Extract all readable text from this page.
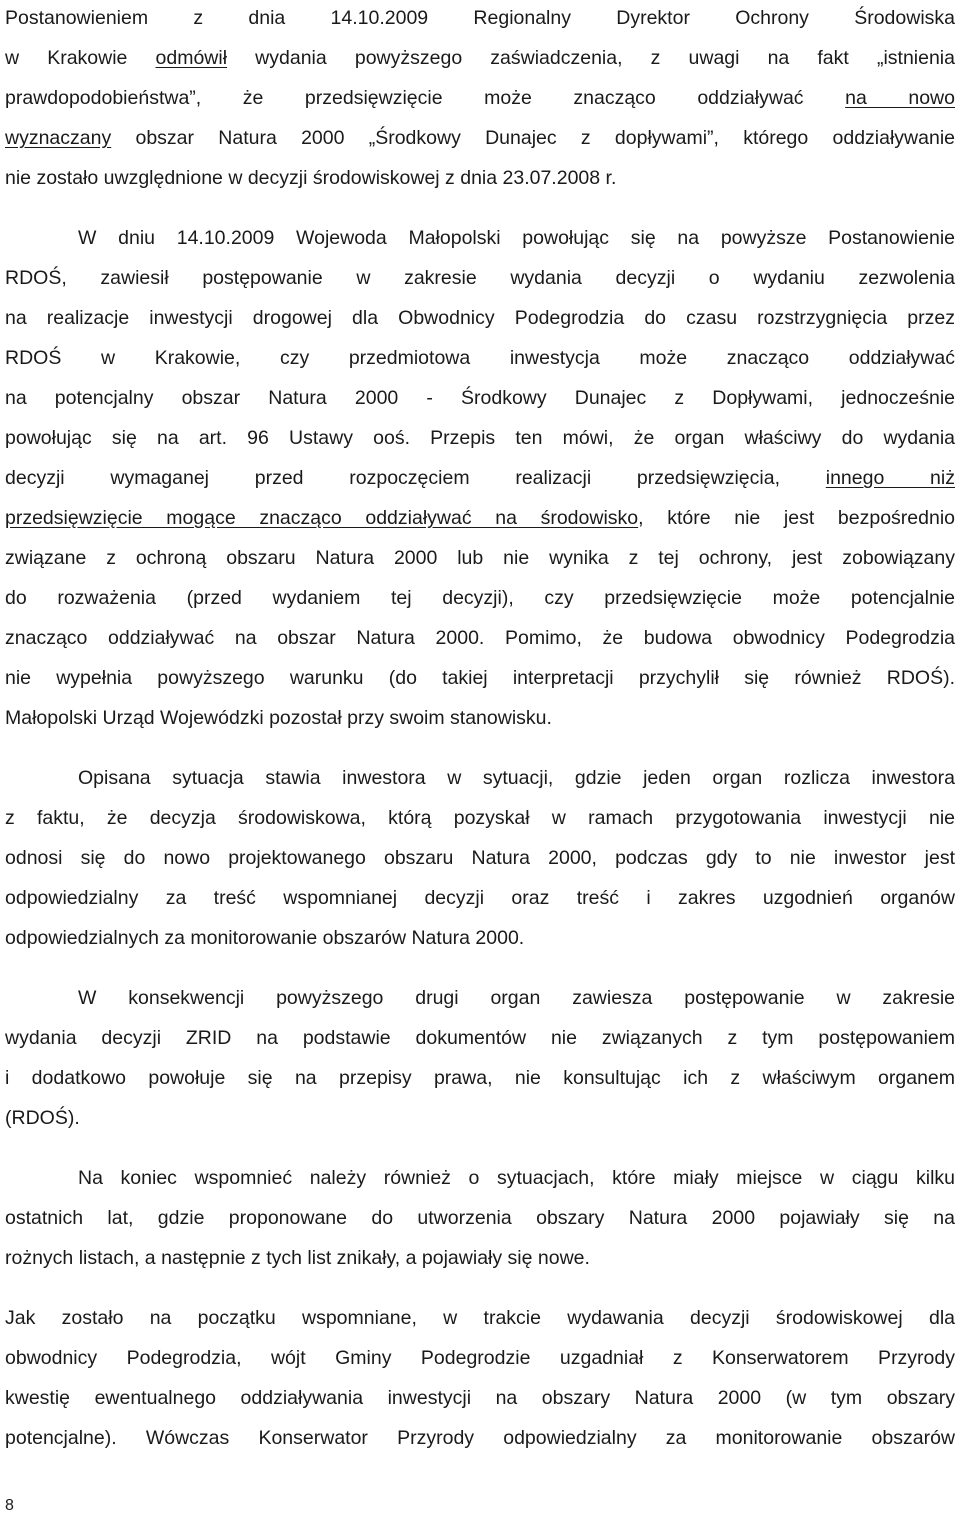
Postanowieniem z dnia 14.10.2009 Regionalny Dyrektor Ochrony Środowiska
w Krakowie odmówił wydania powyższego zaświadczenia, z uwagi na fakt „istnienia
prawdopodobieństwa”, że przedsięwzięcie może znacząco oddziaływać na nowo
wyznaczany obszar Natura 2000 „Środkowy Dunajec z dopływami”, którego oddziaływanie
nie zostało uwzględnione w decyzji środowiskowej z dnia 23.07.2008 r.
W dniu 14.10.2009 Wojewoda Małopolski powołując się na powyższe Postanowienie
RDOŚ, zawiesił postępowanie w zakresie wydania decyzji o wydaniu zezwolenia
na realizacje inwestycji drogowej dla Obwodnicy Podegrodzia do czasu rozstrzygnięcia przez
RDOŚ w Krakowie, czy przedmiotowa inwestycja może znacząco oddziaływać
na potencjalny obszar Natura 2000 - Środkowy Dunajec z Dopływami, jednocześnie
powołując się na art. 96 Ustawy ooś. Przepis ten mówi, że organ właściwy do wydania
decyzji wymaganej przed rozpoczęciem realizacji przedsięwzięcia, innego niż
przedsięwzięcie mogące znacząco oddziaływać na środowisko, które nie jest bezpośrednio
związane z ochroną obszaru Natura 2000 lub nie wynika z tej ochrony, jest zobowiązany
do rozważenia (przed wydaniem tej decyzji), czy przedsięwzięcie może potencjalnie
znacząco oddziaływać na obszar Natura 2000. Pomimo, że budowa obwodnicy Podegrodzia
nie wypełnia powyższego warunku (do takiej interpretacji przychylił się również RDOŚ).
Małopolski Urząd Wojewódzki pozostał przy swoim stanowisku.
Opisana sytuacja stawia inwestora w sytuacji, gdzie jeden organ rozlicza inwestora
z faktu, że decyzja środowiskowa, którą pozyskał w ramach przygotowania inwestycji nie
odnosi się do nowo projektowanego obszaru Natura 2000, podczas gdy to nie inwestor jest
odpowiedzialny za treść wspomnianej decyzji oraz treść i zakres uzgodnień organów
odpowiedzialnych za monitorowanie obszarów Natura 2000.
W konsekwencji powyższego drugi organ zawiesza postępowanie w zakresie
wydania decyzji ZRID na podstawie dokumentów nie związanych z tym postępowaniem
i dodatkowo powołuje się na przepisy prawa, nie konsultując ich z właściwym organem
(RDOŚ).
Na koniec wspomnieć należy również o sytuacjach, które miały miejsce w ciągu kilku
ostatnich lat, gdzie proponowane do utworzenia obszary Natura 2000 pojawiały się na
rożnych listach, a następnie z tych list znikały, a pojawiały się nowe.
Jak zostało na początku wspomniane, w trakcie wydawania decyzji środowiskowej dla
obwodnicy Podegrodzia, wójt Gminy Podegrodzie uzgadniał z Konserwatorem Przyrody
kwestię ewentualnego oddziaływania inwestycji na obszary Natura 2000 (w tym obszary
potencjalne). Wówczas Konserwator Przyrody odpowiedzialny za monitorowanie obszarów
8
